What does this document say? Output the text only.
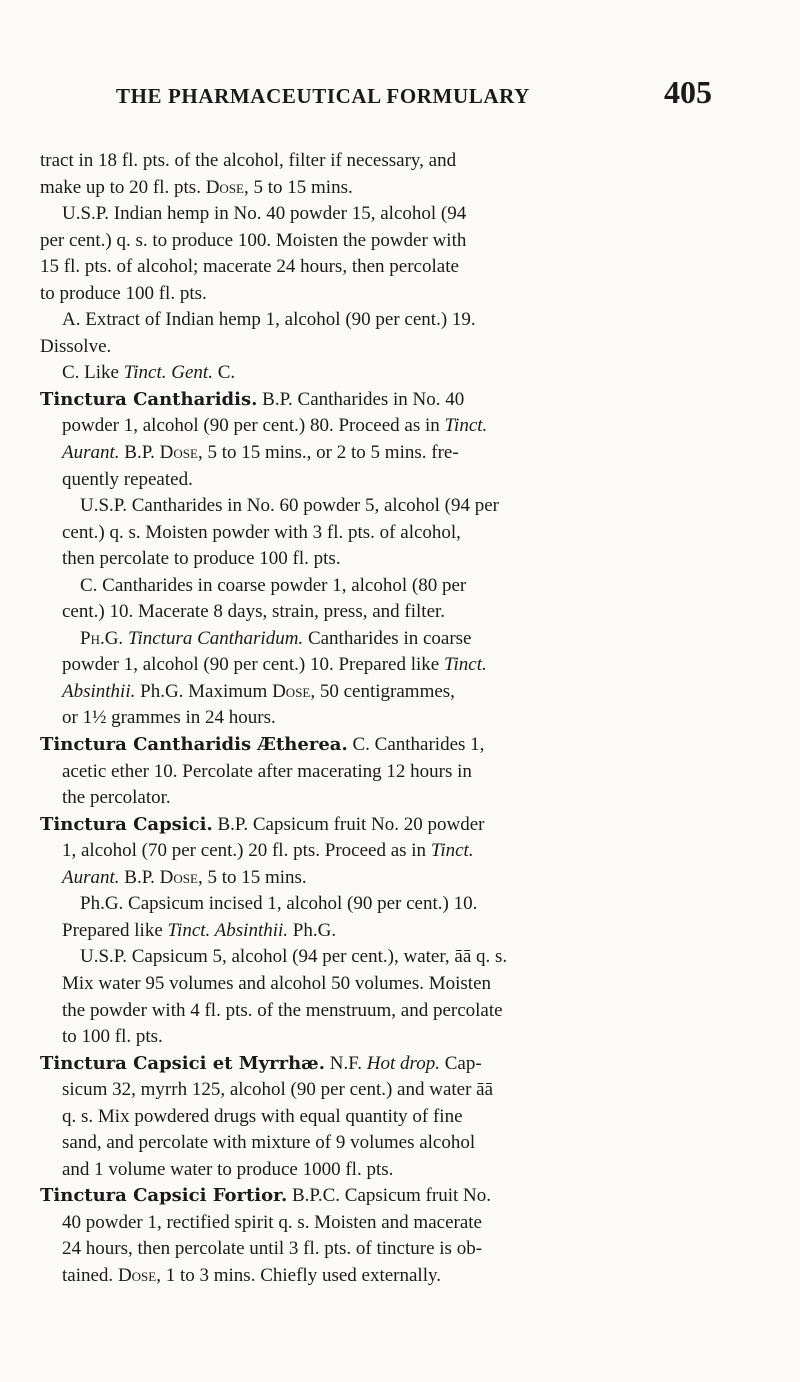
THE PHARMACEUTICAL FORMULARY	405
tract in 18 fl. pts. of the alcohol, filter if necessary, and
make up to 20 fl. pts. Dose, 5 to 15 mins.
U.S.P. Indian hemp in No. 40 powder 15, alcohol (94
per cent.) q. s. to produce 100. Moisten the powder with
15 fl. pts. of alcohol; macerate 24 hours, then percolate
to produce 100 fl. pts.
A. Extract of Indian hemp 1, alcohol (90 per cent.) 19.
Dissolve.
C. Like Tinct. Gent. C.
Tinctura Cantharidis. B.P. Cantharides in No. 40
powder 1, alcohol (90 per cent.) 80. Proceed as in Tinct.
Aurant. B.P. Dose, 5 to 15 mins., or 2 to 5 mins. fre-
quently repeated.
U.S.P. Cantharides in No. 60 powder 5, alcohol (94 per
cent.) q. s. Moisten powder with 3 fl. pts. of alcohol,
then percolate to produce 100 fl. pts.
C. Cantharides in coarse powder 1, alcohol (80 per
cent.) 10. Macerate 8 days, strain, press, and filter.
Ph.G. Tinctura Cantharidum. Cantharides in coarse
powder 1, alcohol (90 per cent.) 10. Prepared like Tinct.
Absinthii. Ph.G. Maximum Dose, 50 centigrammes,
or 1½ grammes in 24 hours.
Tinctura Cantharidis Ætherea. C. Cantharides 1,
acetic ether 10. Percolate after macerating 12 hours in
the percolator.
Tinctura Capsici. B.P. Capsicum fruit No. 20 powder
1, alcohol (70 per cent.) 20 fl. pts. Proceed as in Tinct.
Aurant. B.P. Dose, 5 to 15 mins.
Ph.G. Capsicum incised 1, alcohol (90 per cent.) 10.
Prepared like Tinct. Absinthii. Ph.G.
U.S.P. Capsicum 5, alcohol (94 per cent.), water, āā q. s.
Mix water 95 volumes and alcohol 50 volumes. Moisten
the powder with 4 fl. pts. of the menstruum, and percolate
to 100 fl. pts.
Tinctura Capsici et Myrrhæ. N.F. Hot drop. Cap-
sicum 32, myrrh 125, alcohol (90 per cent.) and water āā
q. s. Mix powdered drugs with equal quantity of fine
sand, and percolate with mixture of 9 volumes alcohol
and 1 volume water to produce 1000 fl. pts.
Tinctura Capsici Fortior. B.P.C. Capsicum fruit No.
40 powder 1, rectified spirit q. s. Moisten and macerate
24 hours, then percolate until 3 fl. pts. of tincture is ob-
tained. Dose, 1 to 3 mins. Chiefly used externally.
